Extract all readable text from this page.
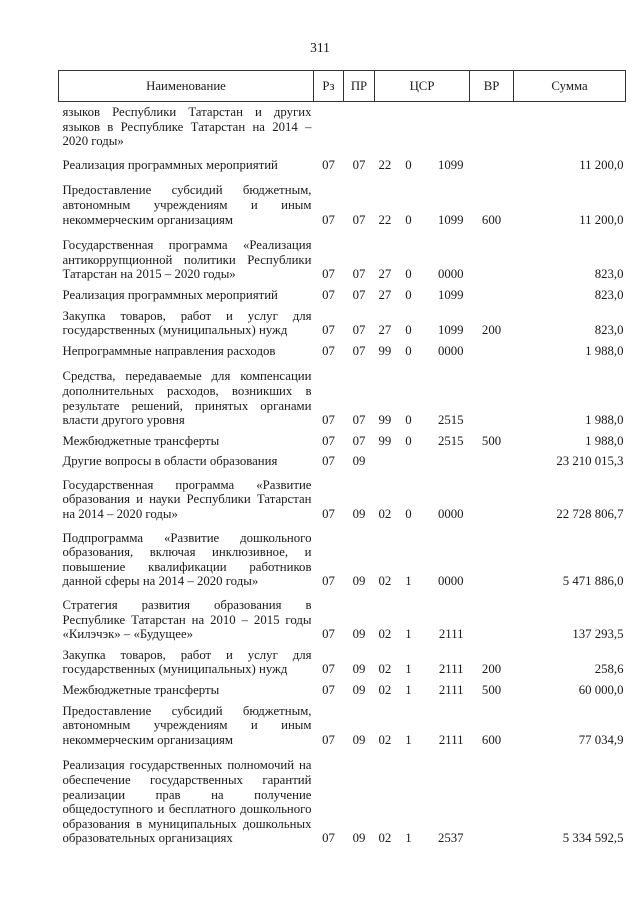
311
Наименование	Рз	ПР	ЦСР			ВР	Сумма
языков Республики Татарстан и других языков в Республике Татарстан на 2014 – 2020 годы»							
Реализация программных мероприятий	07	07	22	0	1099		11 200,0
Предоставление субсидий бюджетным, автономным учреждениям и иным некоммерческим организациям	07	07	22	0	1099	600	11 200,0
Государственная программа «Реализация антикоррупционной политики Республики Татарстан на 2015 – 2020 годы»	07	07	27	0	0000		823,0
Реализация программных мероприятий	07	07	27	0	1099		823,0
Закупка товаров, работ и услуг для государственных (муниципальных) нужд	07	07	27	0	1099	200	823,0
Непрограммные направления расходов	07	07	99	0	0000		1 988,0
Средства, передаваемые для компенсации дополнительных расходов, возникших в результате решений, принятых органами власти другого уровня	07	07	99	0	2515		1 988,0
Межбюджетные трансферты	07	07	99	0	2515	500	1 988,0
Другие вопросы в области образования	07	09					23 210 015,3
Государственная программа «Развитие образования и науки Республики Татарстан на 2014 – 2020 годы»	07	09	02	0	0000		22 728 806,7
Подпрограмма «Развитие дошкольного образования, включая инклюзивное, и повышение квалификации работников данной сферы на 2014 – 2020 годы»	07	09	02	1	0000		5 471 886,0
Стратегия развития образования в Республике Татарстан на 2010 – 2015 годы «Килэчэк» – «Будущее»	07	09	02	1	2111		137 293,5
Закупка товаров, работ и услуг для государственных (муниципальных) нужд	07	09	02	1	2111	200	258,6
Межбюджетные трансферты	07	09	02	1	2111	500	60 000,0
Предоставление субсидий бюджетным, автономным учреждениям и иным некоммерческим организациям	07	09	02	1	2111	600	77 034,9
Реализация государственных полномочий на обеспечение государственных гарантий реализации прав на получение общедоступного и бесплатного дошкольного образования в муниципальных дошкольных образовательных организациях	07	09	02	1	2537		5 334 592,5
